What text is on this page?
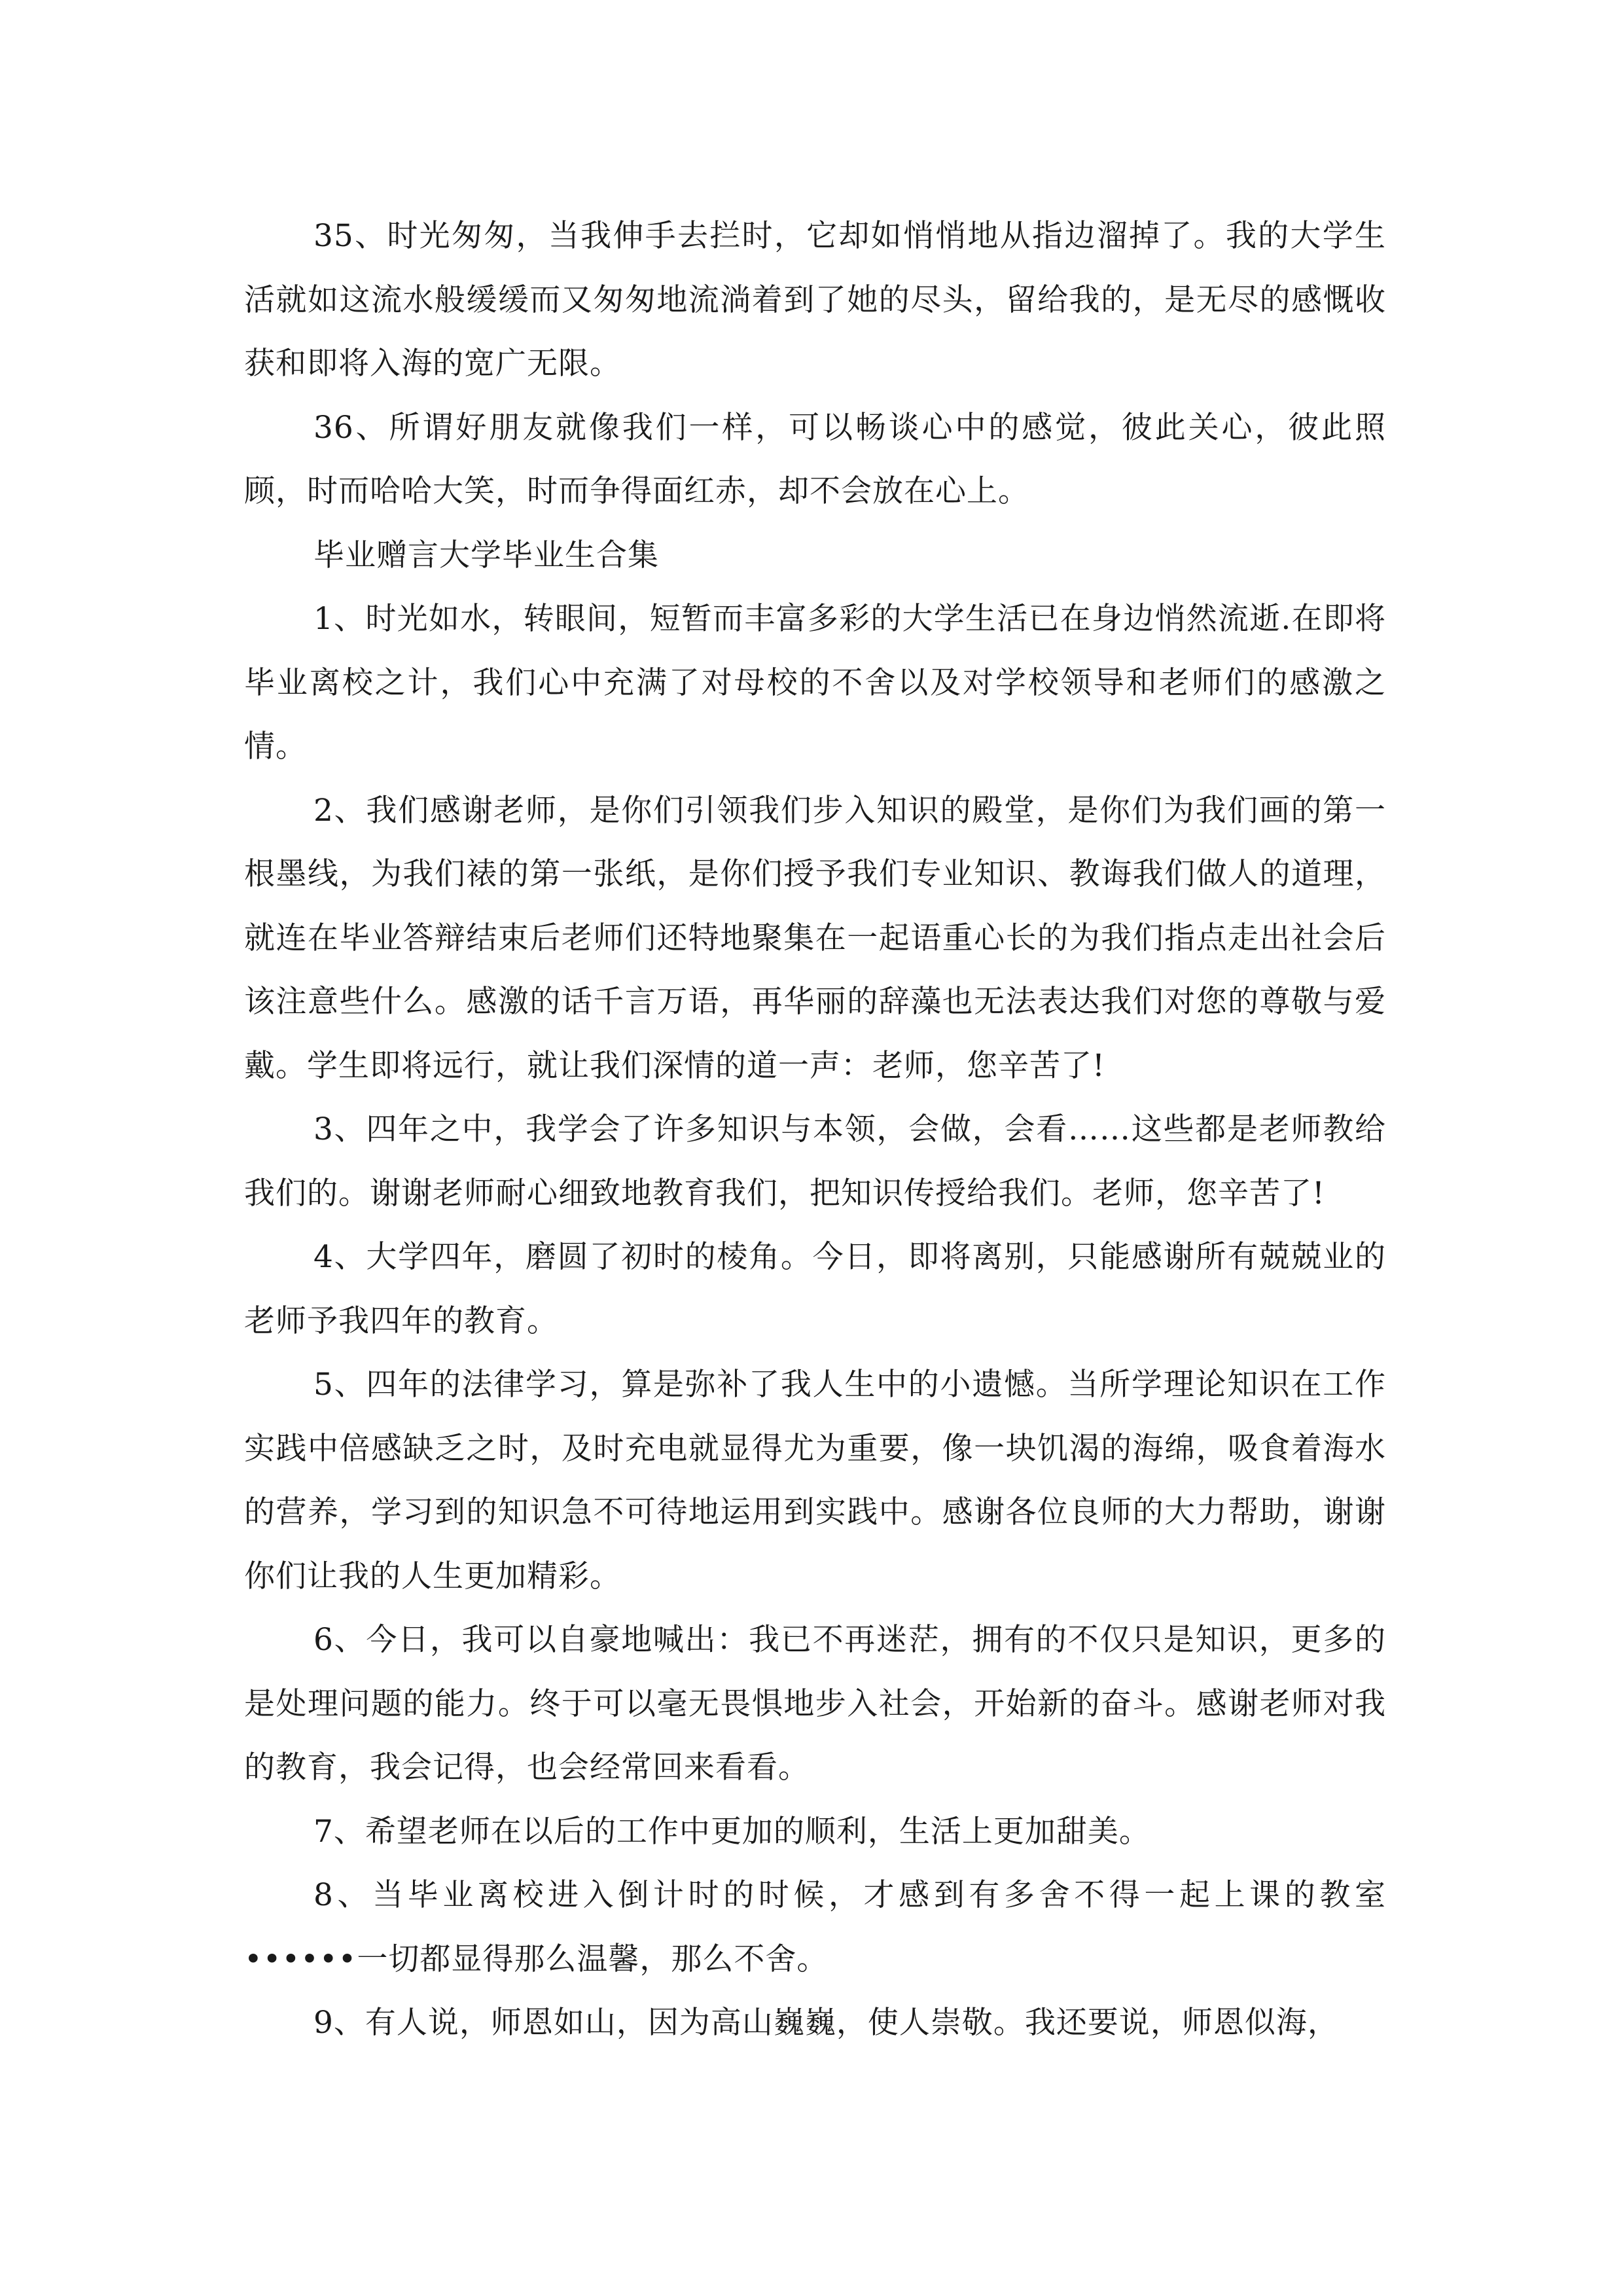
35、时光匆匆，当我伸手去拦时，它却如悄悄地从指边溜掉了。我的大学生活就如这流水般缓缓而又匆匆地流淌着到了她的尽头，留给我的，是无尽的感慨收获和即将入海的宽广无限。

36、所谓好朋友就像我们一样，可以畅谈心中的感觉，彼此关心，彼此照顾，时而哈哈大笑，时而争得面红赤，却不会放在心上。

毕业赠言大学毕业生合集

1、时光如水，转眼间，短暂而丰富多彩的大学生活已在身边悄然流逝.在即将毕业离校之计，我们心中充满了对母校的不舍以及对学校领导和老师们的感激之情。

2、我们感谢老师，是你们引领我们步入知识的殿堂，是你们为我们画的第一根墨线，为我们裱的第一张纸，是你们授予我们专业知识、教诲我们做人的道理，就连在毕业答辩结束后老师们还特地聚集在一起语重心长的为我们指点走出社会后该注意些什么。感激的话千言万语，再华丽的辞藻也无法表达我们对您的尊敬与爱戴。学生即将远行，就让我们深情的道一声：老师，您辛苦了!

3、四年之中，我学会了许多知识与本领，会做，会看……这些都是老师教给我们的。谢谢老师耐心细致地教育我们，把知识传授给我们。老师，您辛苦了!

4、大学四年，磨圆了初时的棱角。今日，即将离别，只能感谢所有兢兢业的老师予我四年的教育。

5、四年的法律学习，算是弥补了我人生中的小遗憾。当所学理论知识在工作实践中倍感缺乏之时，及时充电就显得尤为重要，像一块饥渴的海绵，吸食着海水的营养，学习到的知识急不可待地运用到实践中。感谢各位良师的大力帮助，谢谢你们让我的人生更加精彩。

6、今日，我可以自豪地喊出：我已不再迷茫，拥有的不仅只是知识，更多的是处理问题的能力。终于可以毫无畏惧地步入社会，开始新的奋斗。感谢老师对我的教育，我会记得，也会经常回来看看。

7、希望老师在以后的工作中更加的顺利，生活上更加甜美。

8、当毕业离校进入倒计时的时候，才感到有多舍不得一起上课的教室••••••一切都显得那么温馨，那么不舍。

9、有人说，师恩如山，因为高山巍巍，使人崇敬。我还要说，师恩似海，
